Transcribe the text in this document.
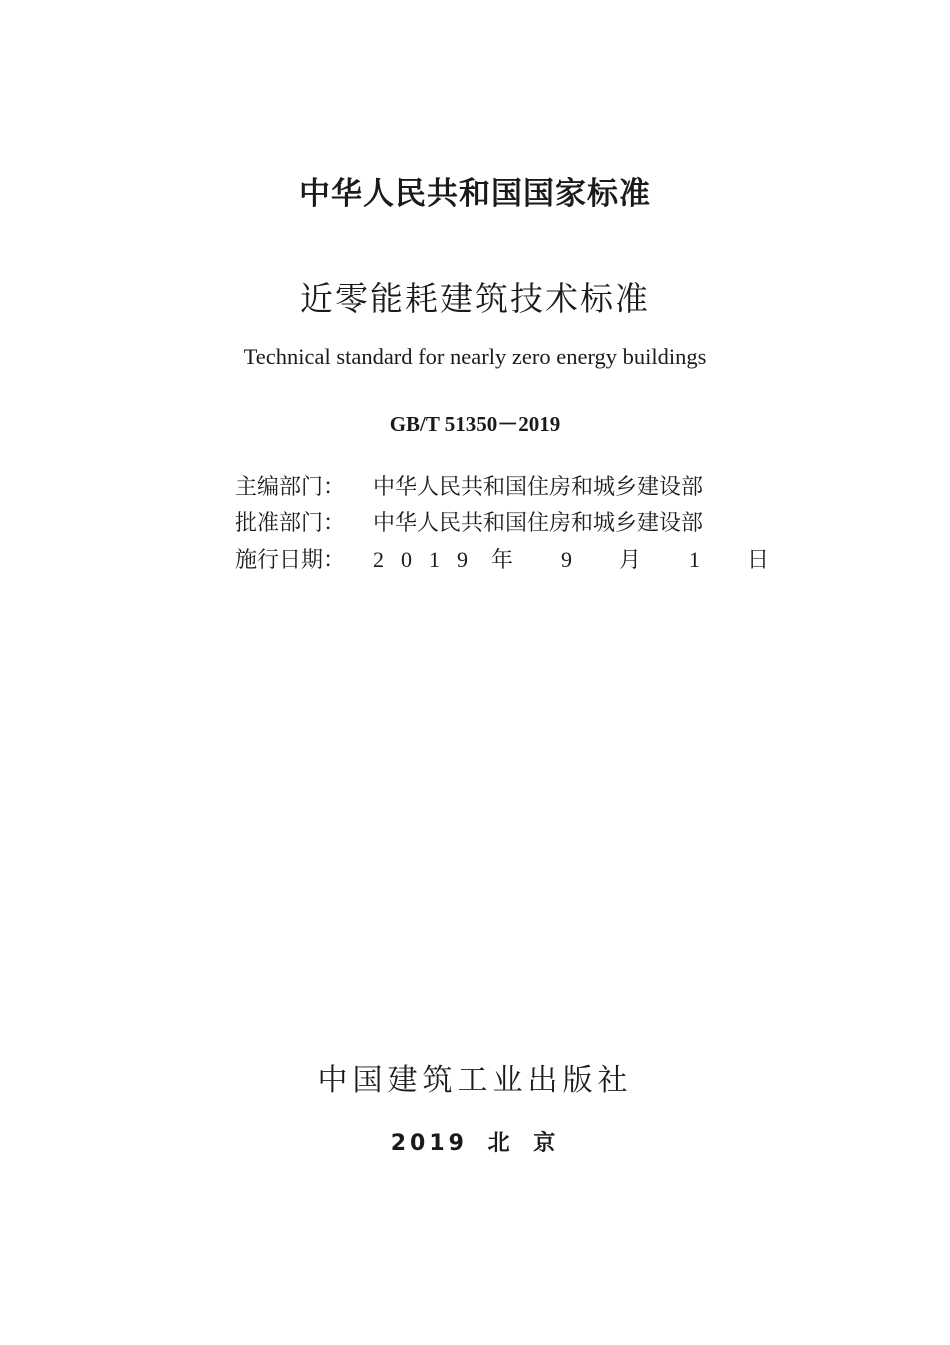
中华人民共和国国家标准
近零能耗建筑技术标准
Technical standard for nearly zero energy buildings
GB/T 51350－2019
主编部门： 中华人民共和国住房和城乡建设部
批准部门： 中华人民共和国住房和城乡建设部
施行日期： 2019 年 9 月 1 日
中国建筑工业出版社
2019 北 京
